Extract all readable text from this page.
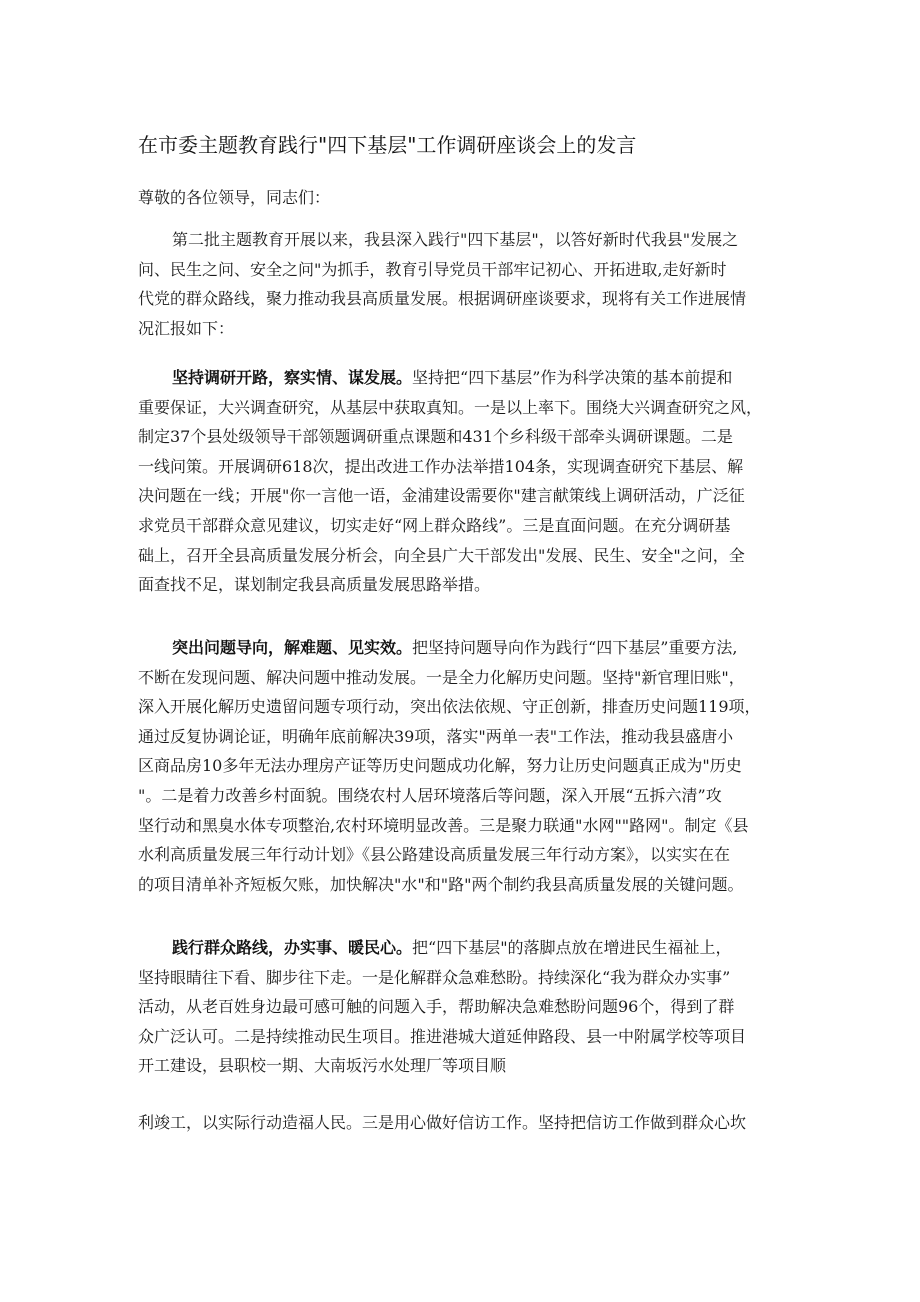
在市委主题教育践行"四下基层"工作调研座谈会上的发言
尊敬的各位领导，同志们：
第二批主题教育开展以来，我县深入践行"四下基层"，以答好新时代我县"发展之
问、民生之问、安全之问"为抓手，教育引导党员干部牢记初心、开拓进取,走好新时
代党的群众路线，聚力推动我县高质量发展。根据调研座谈要求，现将有关工作进展情
况汇报如下：
坚持调研开路，察实情、谋发展。坚持把“四下基层”作为科学决策的基本前提和
重要保证，大兴调查研究，从基层中获取真知。一是以上率下。围绕大兴调查研究之风，
制定37个县处级领导干部领题调研重点课题和431个乡科级干部牵头调研课题。二是
一线问策。开展调研618次，提出改进工作办法举措104条，实现调查研究下基层、解
决问题在一线；开展"你一言他一语，金浦建设需要你"建言献策线上调研活动，广泛征
求党员干部群众意见建议，切实走好“网上群众路线”。三是直面问题。在充分调研基
础上，召开全县高质量发展分析会，向全县广大干部发出"发展、民生、安全"之问，全
面查找不足，谋划制定我县高质量发展思路举措。
突出问题导向，解难题、见实效。把坚持问题导向作为践行“四下基层”重要方法,
不断在发现问题、解决问题中推动发展。一是全力化解历史问题。坚持"新官理旧账"，
深入开展化解历史遗留问题专项行动，突出依法依规、守正创新，排查历史问题119项，
通过反复协调论证，明确年底前解决39项，落实"两单一表"工作法，推动我县盛唐小
区商品房10多年无法办理房产证等历史问题成功化解，努力让历史问题真正成为"历史
"。二是着力改善乡村面貌。围绕农村人居环境落后等问题，深入开展“五拆六清”攻
坚行动和黑臭水体专项整治,农村环境明显改善。三是聚力联通"水网""路网"。制定《县
水利高质量发展三年行动计划》《县公路建设高质量发展三年行动方案》，以实实在在
的项目清单补齐短板欠账，加快解决"水"和"路"两个制约我县高质量发展的关键问题。
践行群众路线，办实事、暖民心。把“四下基层"的落脚点放在增进民生福祉上，
坚持眼睛往下看、脚步往下走。一是化解群众急难愁盼。持续深化“我为群众办实事”
活动，从老百姓身边最可感可触的问题入手，帮助解决急难愁盼问题96个，得到了群
众广泛认可。二是持续推动民生项目。推进港城大道延伸路段、县一中附属学校等项目
开工建设，县职校一期、大南坂污水处理厂等项目顺
利竣工，以实际行动造福人民。三是用心做好信访工作。坚持把信访工作做到群众心坎
